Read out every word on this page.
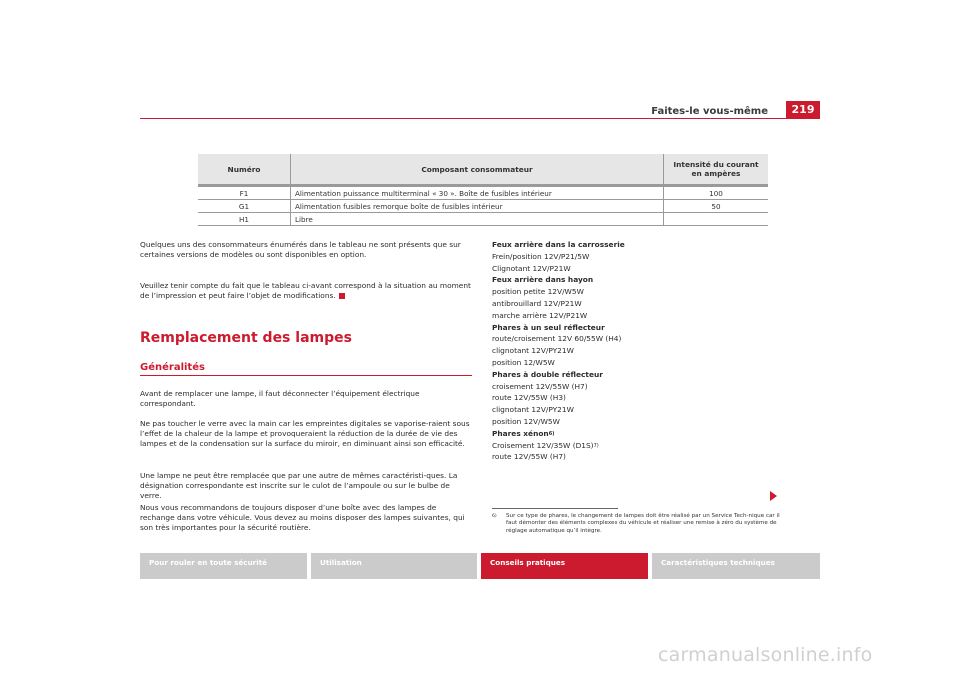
Faites-le vous-même	219
Numéro	Composant consommateur	Intensité du courant en ampères
F1	Alimentation puissance multiterminal « 30 ». Boîte de fusibles intérieur	100
G1	Alimentation fusibles remorque boîte de fusibles intérieur	50
H1	Libre	
Quelques uns des consommateurs énumérés dans le tableau ne sont présents que sur certaines versions de modèles ou sont disponibles en option.
Veuillez tenir compte du fait que le tableau ci-avant correspond à la situation au moment de l’impression et peut faire l’objet de modifications.
Remplacement des lampes
Généralités
Avant de remplacer une lampe, il faut déconnecter l’équipement électrique correspondant.
Ne pas toucher le verre avec la main car les empreintes digitales se vaporise-raient sous l’effet de la chaleur de la lampe et provoqueraient la réduction de la durée de vie des lampes et de la condensation sur la surface du miroir, en diminuant ainsi son efficacité.
Une lampe ne peut être remplacée que par une autre de mêmes caractéristi-ques. La désignation correspondante est inscrite sur le culot de l’ampoule ou sur le bulbe de verre.
Nous vous recommandons de toujours disposer d’une boîte avec des lampes de rechange dans votre véhicule. Vous devez au moins disposer des lampes suivantes, qui son très importantes pour la sécurité routière.
Feux arrière dans la carrosserie
Frein/position 12V/P21/5W
Clignotant 12V/P21W
Feux arrière dans hayon
position petite 12V/W5W
antibrouillard 12V/P21W
marche arrière 12V/P21W
Phares à un seul réflecteur
route/croisement 12V 60/55W (H4)
clignotant 12V/PY21W
position 12/W5W
Phares à double réflecteur
croisement 12V/55W (H7)
route 12V/55W (H3)
clignotant 12V/PY21W
position 12V/W5W
Phares xénon$^{6)}$
Croisement 12V/35W $(D1S)^{7)}$
route 12V/55W (H7)
6) Sur ce type de phares, le changement de lampes doit être réalisé par un Service Tech-nique car il faut démonter des éléments complexes du véhicule et réaliser une remise à zéro du système de réglage automatique qu’il intègre.
Pour rouler en toute sécurité	Utilisation	Conseils pratiques	Caractéristiques techniques
carmanualsonline.info
